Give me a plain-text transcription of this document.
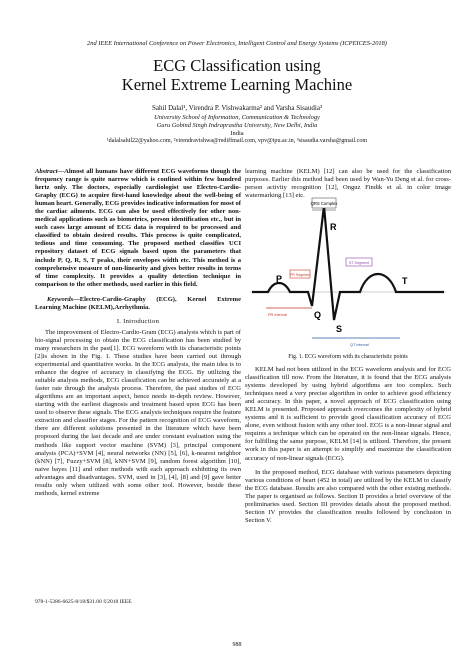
2nd IEEE International Conference on Power Electronics, Intelligent Control and Energy Systems (ICPEICES-2018)
ECG Classification using
Kernel Extreme Learning Machine
Sahil Dalal¹, Virendra P. Vishwakarma² and Varsha Sisaudia³
University School of Information, Communication & Technology
Guru Gobind Singh Indraprastha University, New Delhi, India
India
¹dalalsahil22@yahoo.com, ²virendravishwa@rediffmail.com, vpv@ipu.ac.in, ³sisaudia.varsha@gmail.com
Abstract—Almost all humans have different ECG waveforms though the frequency range is quite narrow which is confined within few hundred hertz only. The doctors, especially cardiologist use Electro-Cardio-Graphy (ECG) to acquire first-hand knowledge about the well-being of human heart. Generally, ECG provides indicative information for most of the cardiac ailments. ECG can also be used effectively for other non-medical applications such as biometrics, person identification etc., but in such cases large amount of ECG data is required to be processed and classified to obtain desired results. This process is quite complicated, tedious and time consuming. The proposed method classifies UCI repository dataset of ECG signals based upon the parameters that include P, Q, R, S, T peaks, their envelopes width etc. This method is a comprehensive measure of non-linearity and gives better results in terms of time complexity. It provides a quality detection technique in comparison to the other methods, used earlier in this field.
Keywords—Electro-Cardio-Graphy (ECG), Kernel Extreme Learning Machine (KELM),Arrhythmia.
I. Introduction

The improvement of Electro-Cardio-Gram (ECG) analysis which is part of bio-signal processing to obtain the ECG classification has been studied by many researchers in the past[1]. ECG waveform with its characteristic points [2]is shown in the Fig. 1. These studies have been carried out through experimental and quantitative works. In the ECG analysis, the main idea is to enhance the degree of accuracy in classifying the ECG. By utilizing the suitable analysis methods, ECG classification can be achieved accurately at a faster rate through the analysis process. Therefore, the past studies of ECG algorithms are an important aspect, hence needs in-depth review. However, starting with the earliest diagnosis and treatment based upon ECG has been used to observe these signals. The ECG analysis techniques require the feature extraction and classifier stages. For the pattern recognition of ECG waveform, there are different solutions presented in the literature which have been proposed during the last decade and are under constant evaluation using the methods like support vector machine (SVM) [3], principal component analysis (PCA)+SVM [4], neural networks (NN) [5], [6], k-nearest neighbor (kNN) [7], Fuzzy+SVM [8], kNN+SVM [9], random forest algorithm [10], naive bayes [11] and other methods with each approach exhibiting its own advantages and disadvantages. SVM, used in [3], [4], [8] and [9] gave better results only when utilized with some other tool. However, beside these methods, kernel extreme

learning machine (KELM) [12] can also be used for the classification purposes. Earlier this method had been used by Wan-Yu Deng et al. for cross-person activity recognition [12], Onguz Findik et al. in color image watermarking [13] etc.

QRS Complex
R
P
Q
S
T
PR Segment
ST Segment
PR Interval
QT Interval
Fig. 1. ECG waveform with its characteristic points

KELM had not been utilized in the ECG waveform analysis and for ECG classification till now. From the literature, it is found that the ECG analysis systems developed by using hybrid algorithms are too complex. Such techniques need a very precise algorithm in order to achieve good efficiency and accuracy. In this paper, a novel approach of ECG classification using KELM is presented. Proposed approach overcomes the complexity of hybrid systems and it is sufficient to provide good classification accuracy of ECG alone, even without fusion with any other tool. ECG is a non-linear signal and requires a technique which can be operated on the non-linear signals. Hence, for fulfilling the same purpose, KELM [14] is utilized. Therefore, the present work in this paper is an attempt to simplify and maximize the classification accuracy of non-linear signals (ECG).

In the proposed method, ECG database with various parameters depicting various conditions of heart (452 in total) are utilized by the KELM to classify the ECG database. Results are also compared with the other existing methods. The paper is organised as follows. Section II provides a brief overview of the preliminaries used. Section III provides details about the proposed method. Section IV provides the classification results followed by conclusion in Section V.

978-1-5386-6625-8/18/$31.00 ©2018 IEEE
988
